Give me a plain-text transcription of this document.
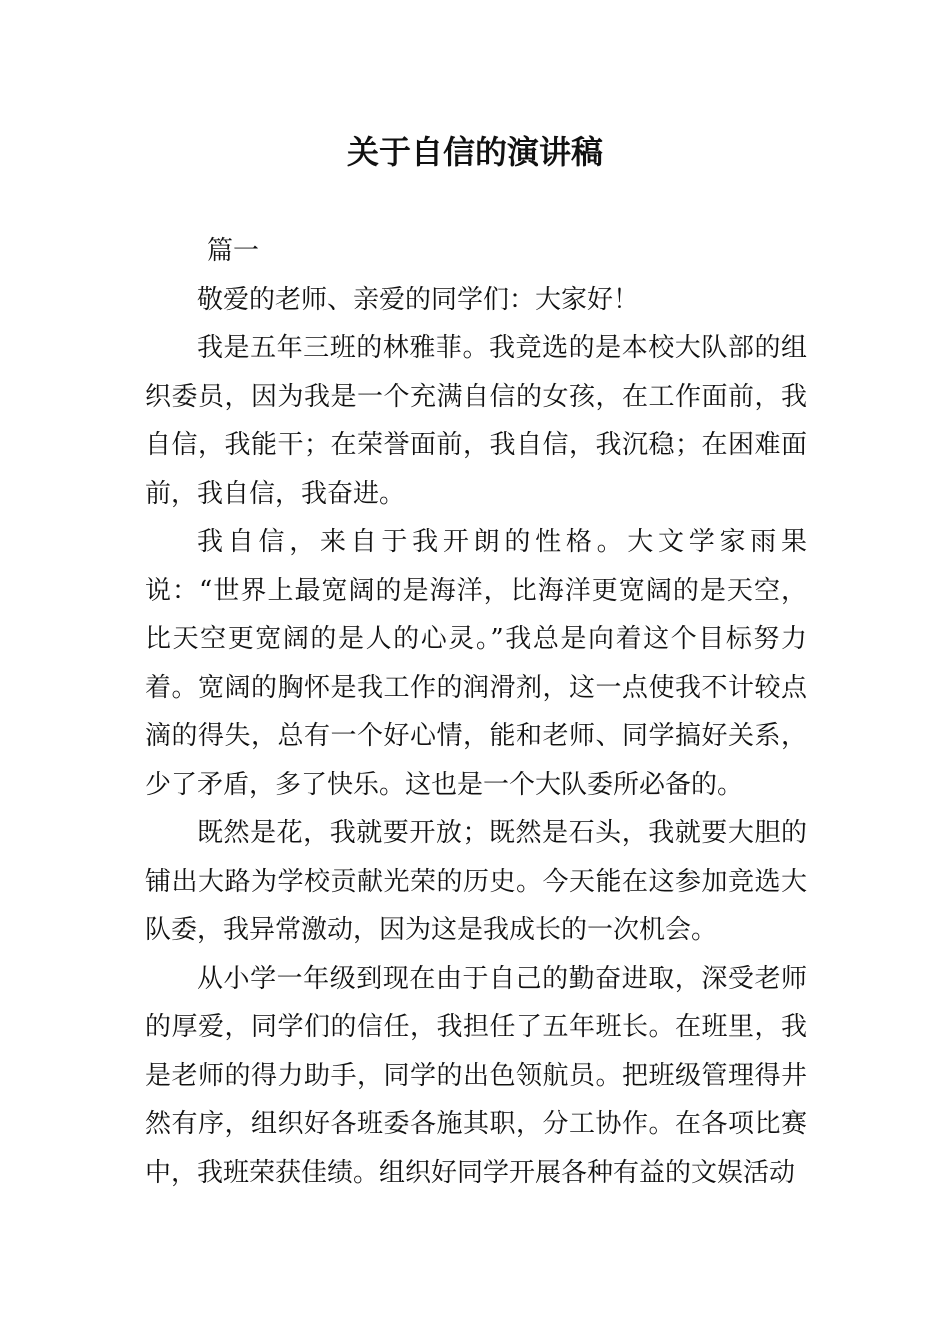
关于自信的演讲稿

篇一

敬爱的老师、亲爱的同学们：大家好！

我是五年三班的林雅菲。我竞选的是本校大队部的组织委员，因为我是一个充满自信的女孩，在工作面前，我自信，我能干；在荣誉面前，我自信，我沉稳；在困难面前，我自信，我奋进。

我自信，来自于我开朗的性格。大文学家雨果说：“世界上最宽阔的是海洋，比海洋更宽阔的是天空，比天空更宽阔的是人的心灵。”我总是向着这个目标努力着。宽阔的胸怀是我工作的润滑剂，这一点使我不计较点滴的得失，总有一个好心情，能和老师、同学搞好关系，少了矛盾，多了快乐。这也是一个大队委所必备的。

既然是花，我就要开放；既然是石头，我就要大胆的铺出大路为学校贡献光荣的历史。今天能在这参加竞选大队委，我异常激动，因为这是我成长的一次机会。

从小学一年级到现在由于自己的勤奋进取，深受老师的厚爱，同学们的信任，我担任了五年班长。在班里，我是老师的得力助手，同学的出色领航员。把班级管理得井然有序，组织好各班委各施其职，分工协作。在各项比赛中，我班荣获佳绩。组织好同学开展各种有益的文娱活动
